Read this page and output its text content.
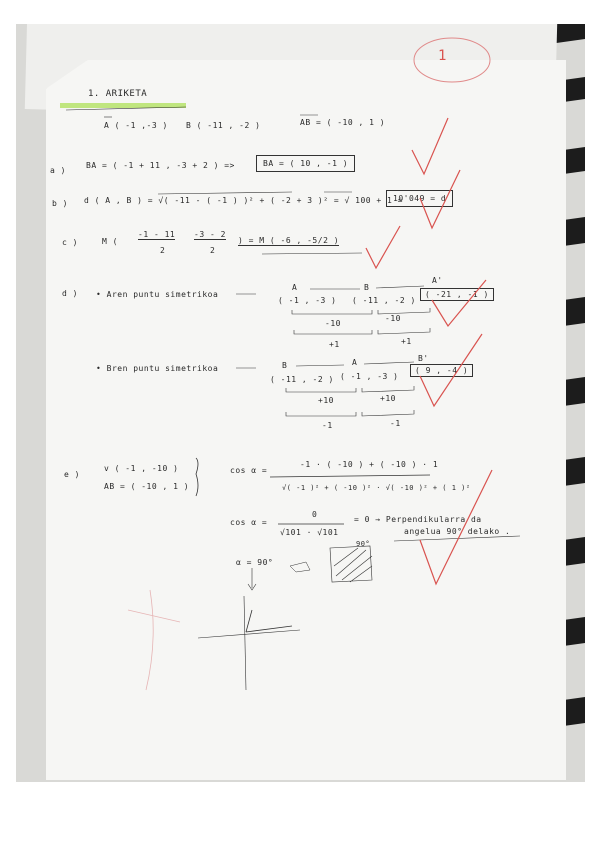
1. ARIKETA
1
A ( -1 ,-3 ) B ( -11 , -2 )	AB = ( -10 , 1 )
a )
BA = ( -1 + 11 , -3 + 2 ) =>	BA = ( 10 , -1 )
b ) d ( A , B ) = √( -11 - ( -1 ) )² + ( -2 + 3 )² = √ 100 + 1 =
10'049 = d
c )	M (
-1 - 11
2
-3 - 2
2
) = M ( -6 , -5/2 )
d ) • Aren puntu simetrikoa
A
( -1 , -3 )
B
( -11 , -2 )
A'
( -21 , -1 )
-10
-10
+1	+1
• Bren puntu simetrikoa	B
( -11 , -2 )
A
( -1 , -3 )
B'
( 9 , -4 )
+10	+10
-1	-1
e )
v ( -1 , -10 )
AB = ( -10 , 1 )
cos α =
-1 · ( -10 ) + ( -10 ) · 1
√( -1 )² + ( -10 )² · √( -10 )² + ( 1 )²
cos α =
0
√101 · √101
= 0 → Perpendikularra da
angelua 90° delako .
α = 90°
90°
